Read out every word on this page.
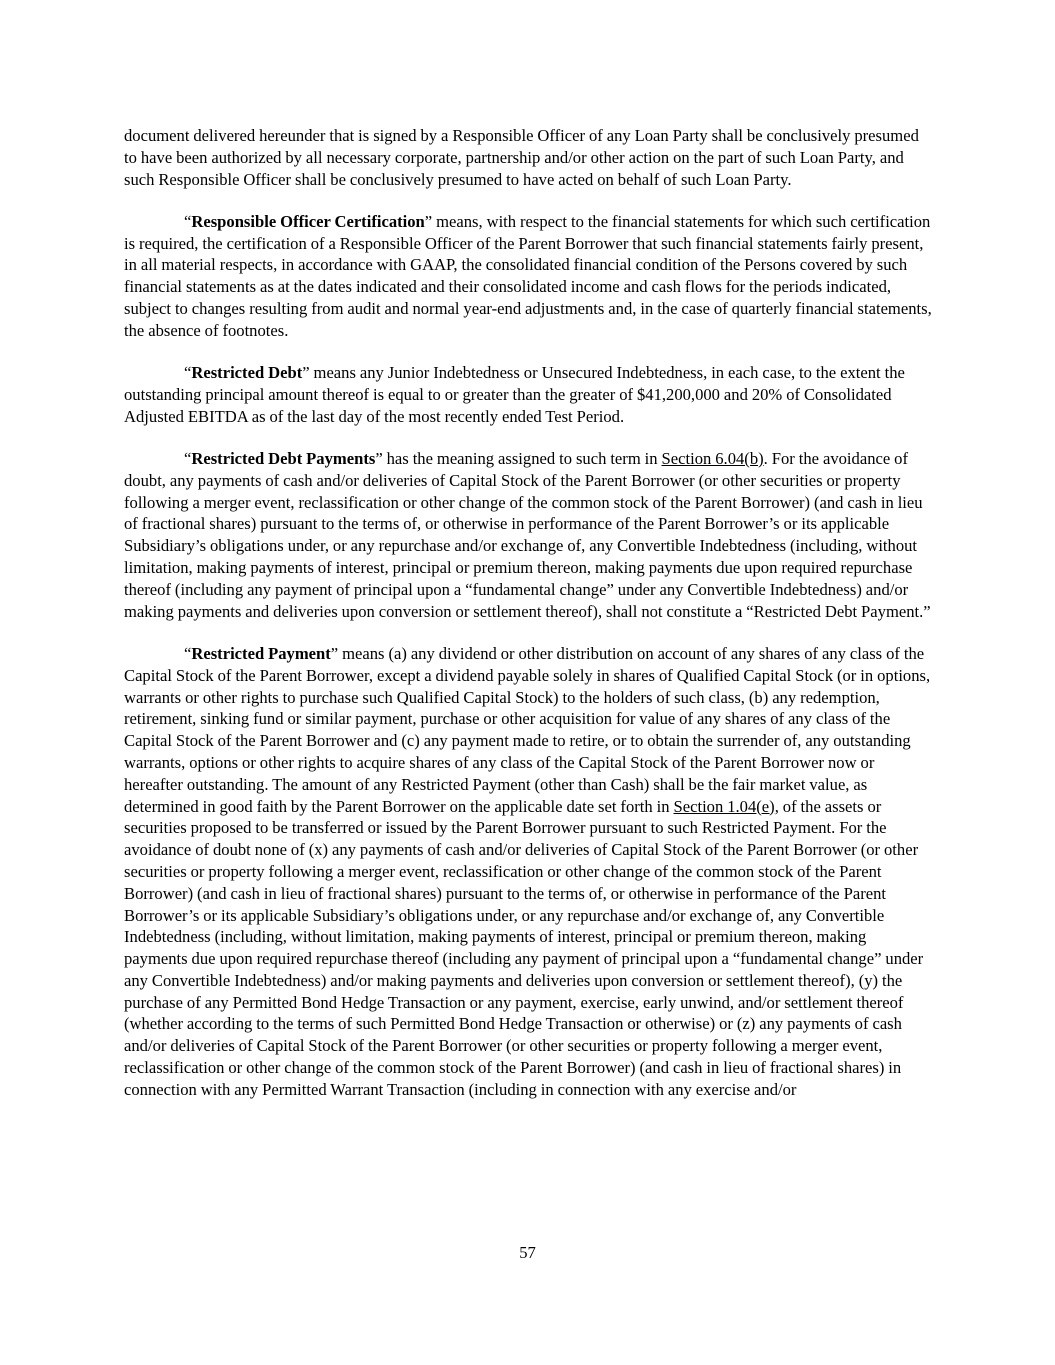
document delivered hereunder that is signed by a Responsible Officer of any Loan Party shall be conclusively presumed to have been authorized by all necessary corporate, partnership and/or other action on the part of such Loan Party, and such Responsible Officer shall be conclusively presumed to have acted on behalf of such Loan Party.

“Responsible Officer Certification” means, with respect to the financial statements for which such certification is required, the certification of a Responsible Officer of the Parent Borrower that such financial statements fairly present, in all material respects, in accordance with GAAP, the consolidated financial condition of the Persons covered by such financial statements as at the dates indicated and their consolidated income and cash flows for the periods indicated, subject to changes resulting from audit and normal year-end adjustments and, in the case of quarterly financial statements, the absence of footnotes.

“Restricted Debt” means any Junior Indebtedness or Unsecured Indebtedness, in each case, to the extent the outstanding principal amount thereof is equal to or greater than the greater of $41,200,000 and 20% of Consolidated Adjusted EBITDA as of the last day of the most recently ended Test Period.

“Restricted Debt Payments” has the meaning assigned to such term in Section 6.04(b). For the avoidance of doubt, any payments of cash and/or deliveries of Capital Stock of the Parent Borrower (or other securities or property following a merger event, reclassification or other change of the common stock of the Parent Borrower) (and cash in lieu of fractional shares) pursuant to the terms of, or otherwise in performance of the Parent Borrower’s or its applicable Subsidiary’s obligations under, or any repurchase and/or exchange of, any Convertible Indebtedness (including, without limitation, making payments of interest, principal or premium thereon, making payments due upon required repurchase thereof (including any payment of principal upon a “fundamental change” under any Convertible Indebtedness) and/or making payments and deliveries upon conversion or settlement thereof), shall not constitute a “Restricted Debt Payment.”

“Restricted Payment” means (a) any dividend or other distribution on account of any shares of any class of the Capital Stock of the Parent Borrower, except a dividend payable solely in shares of Qualified Capital Stock (or in options, warrants or other rights to purchase such Qualified Capital Stock) to the holders of such class, (b) any redemption, retirement, sinking fund or similar payment, purchase or other acquisition for value of any shares of any class of the Capital Stock of the Parent Borrower and (c) any payment made to retire, or to obtain the surrender of, any outstanding warrants, options or other rights to acquire shares of any class of the Capital Stock of the Parent Borrower now or hereafter outstanding. The amount of any Restricted Payment (other than Cash) shall be the fair market value, as determined in good faith by the Parent Borrower on the applicable date set forth in Section 1.04(e), of the assets or securities proposed to be transferred or issued by the Parent Borrower pursuant to such Restricted Payment. For the avoidance of doubt none of (x) any payments of cash and/or deliveries of Capital Stock of the Parent Borrower (or other securities or property following a merger event, reclassification or other change of the common stock of the Parent Borrower) (and cash in lieu of fractional shares) pursuant to the terms of, or otherwise in performance of the Parent Borrower’s or its applicable Subsidiary’s obligations under, or any repurchase and/or exchange of, any Convertible Indebtedness (including, without limitation, making payments of interest, principal or premium thereon, making payments due upon required repurchase thereof (including any payment of principal upon a “fundamental change” under any Convertible Indebtedness) and/or making payments and deliveries upon conversion or settlement thereof), (y) the purchase of any Permitted Bond Hedge Transaction or any payment, exercise, early unwind, and/or settlement thereof (whether according to the terms of such Permitted Bond Hedge Transaction or otherwise) or (z) any payments of cash and/or deliveries of Capital Stock of the Parent Borrower (or other securities or property following a merger event, reclassification or other change of the common stock of the Parent Borrower) (and cash in lieu of fractional shares) in connection with any Permitted Warrant Transaction (including in connection with any exercise and/or

57
